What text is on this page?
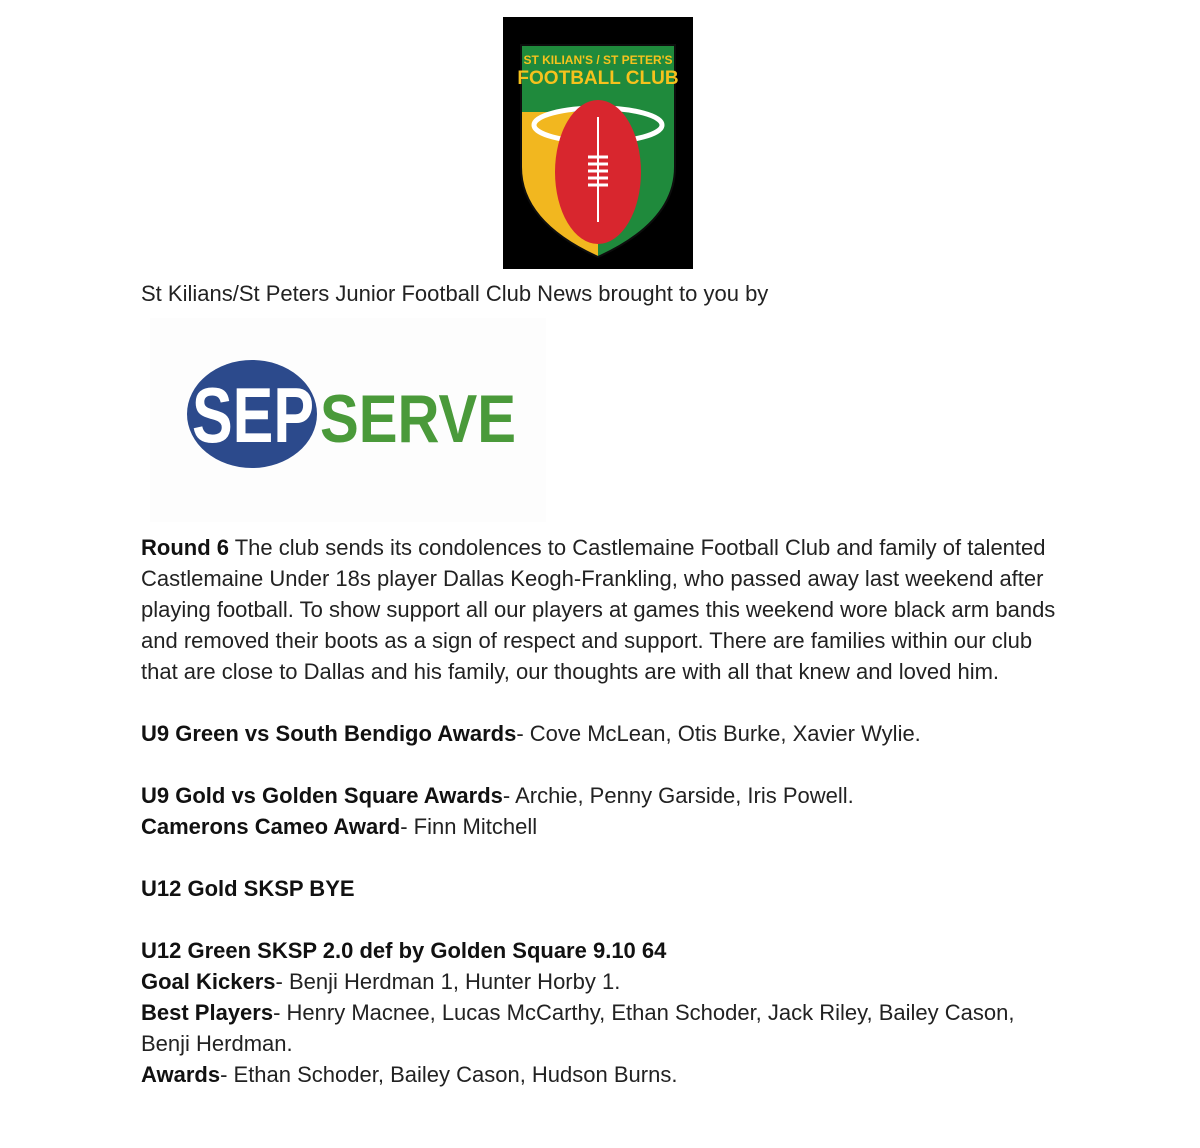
ST KILIAN'S / ST PETER'S
FOOTBALL CLUB

St Kilians/St Peters Junior Football Club News brought to you by

SEP SERVE

Round 6 The club sends its condolences to Castlemaine Football Club and family of talented Castlemaine Under 18s player Dallas Keogh-Frankling, who passed away last weekend after playing football. To show support all our players at games this weekend wore black arm bands and removed their boots as a sign of respect and support. There are families within our club that are close to Dallas and his family, our thoughts are with all that knew and loved him.

U9 Green vs South Bendigo Awards- Cove McLean, Otis Burke, Xavier Wylie.

U9 Gold vs Golden Square Awards- Archie, Penny Garside, Iris Powell.

Camerons Cameo Award- Finn Mitchell

U12 Gold SKSP BYE

U12 Green SKSP 2.0 def by Golden Square 9.10 64

Goal Kickers- Benji Herdman 1, Hunter Horby 1.

Best Players- Henry Macnee, Lucas McCarthy, Ethan Schoder, Jack Riley, Bailey Cason, Benji Herdman.

Awards- Ethan Schoder, Bailey Cason, Hudson Burns.
